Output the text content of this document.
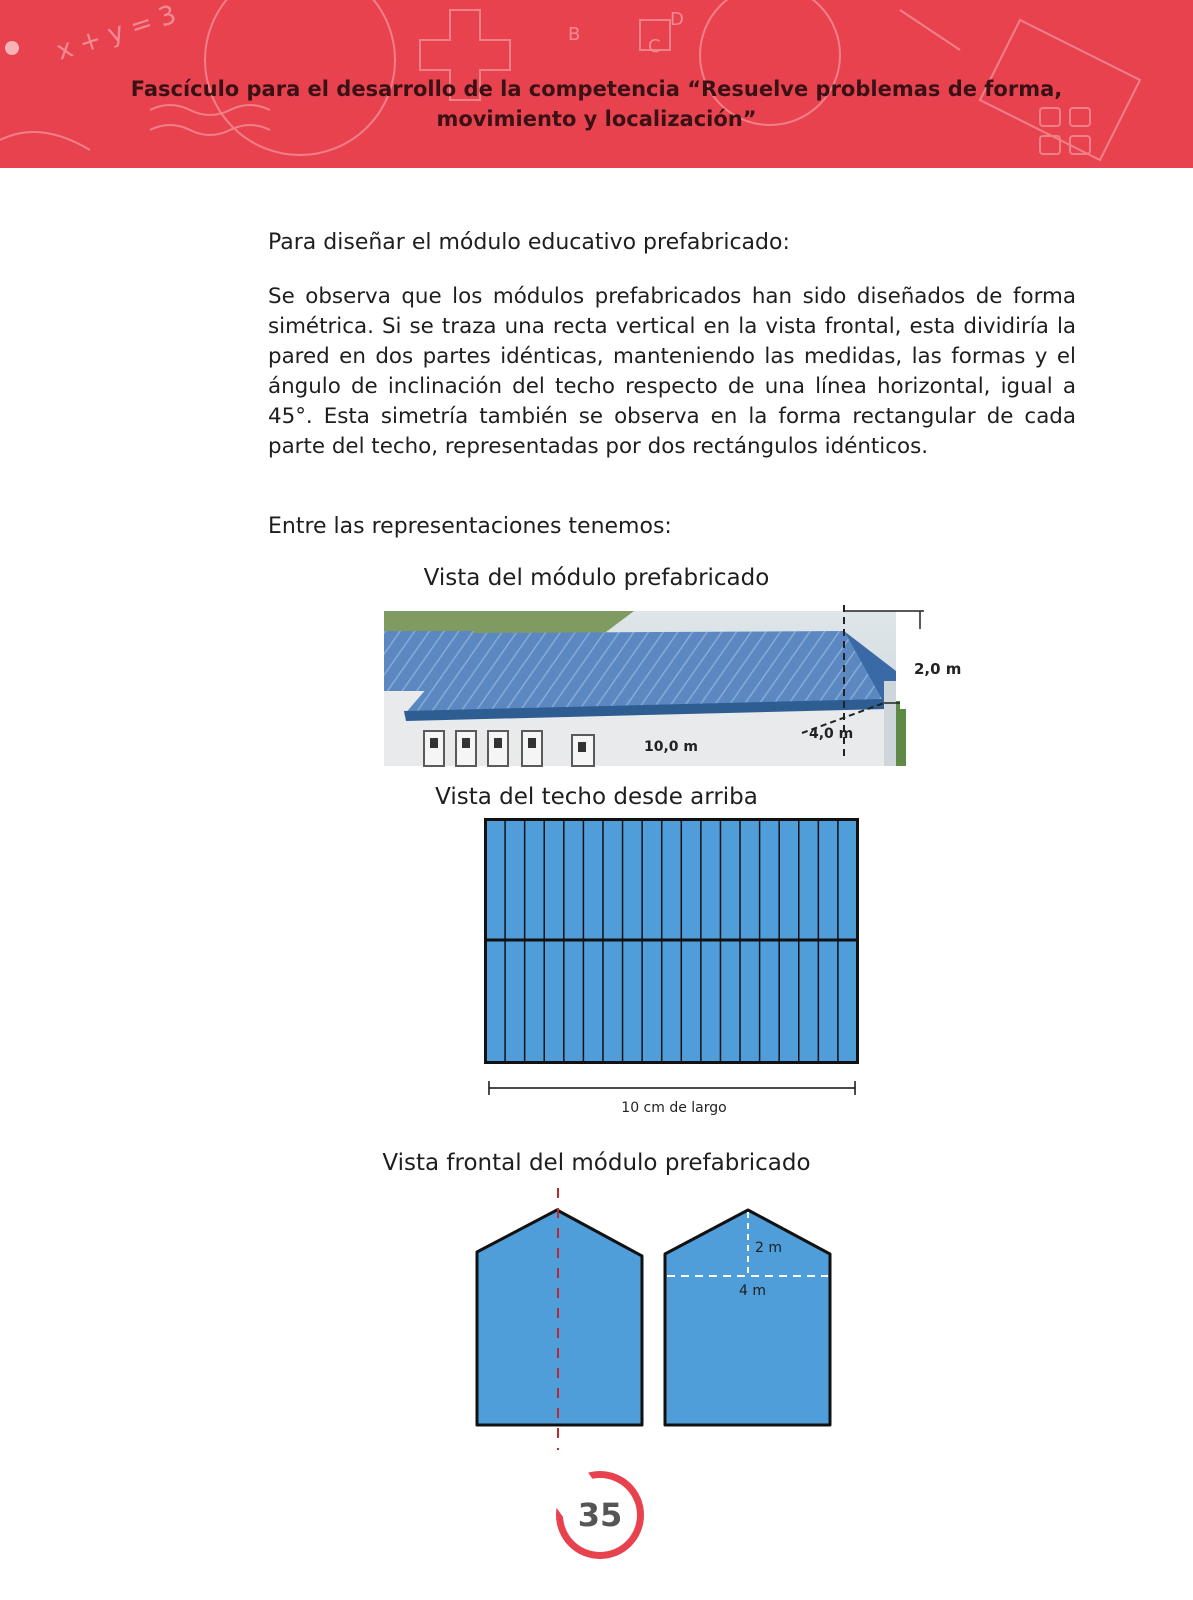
x + y = 3	B
C
D
Fascículo para el desarrollo de la competencia “Resuelve problemas de forma,
movimiento y localización”
Para diseñar el módulo educativo prefabricado:
Se observa que los módulos prefabricados han sido diseñados de forma simétrica. Si se traza una recta vertical en la vista frontal, esta dividiría la pared en dos partes idénticas, manteniendo las medidas, las formas y el ángulo de inclinación del techo respecto de una línea horizontal, igual a 45°. Esta simetría también se observa en la forma rectangular de cada parte del techo, representadas por dos rectángulos idénticos.
Entre las representaciones tenemos:
Vista del módulo prefabricado
4,0 m
10,0 m
2,0 m
Vista del techo desde arriba
10 cm de largo
Vista frontal del módulo prefabricado
2 m
4 m
35
